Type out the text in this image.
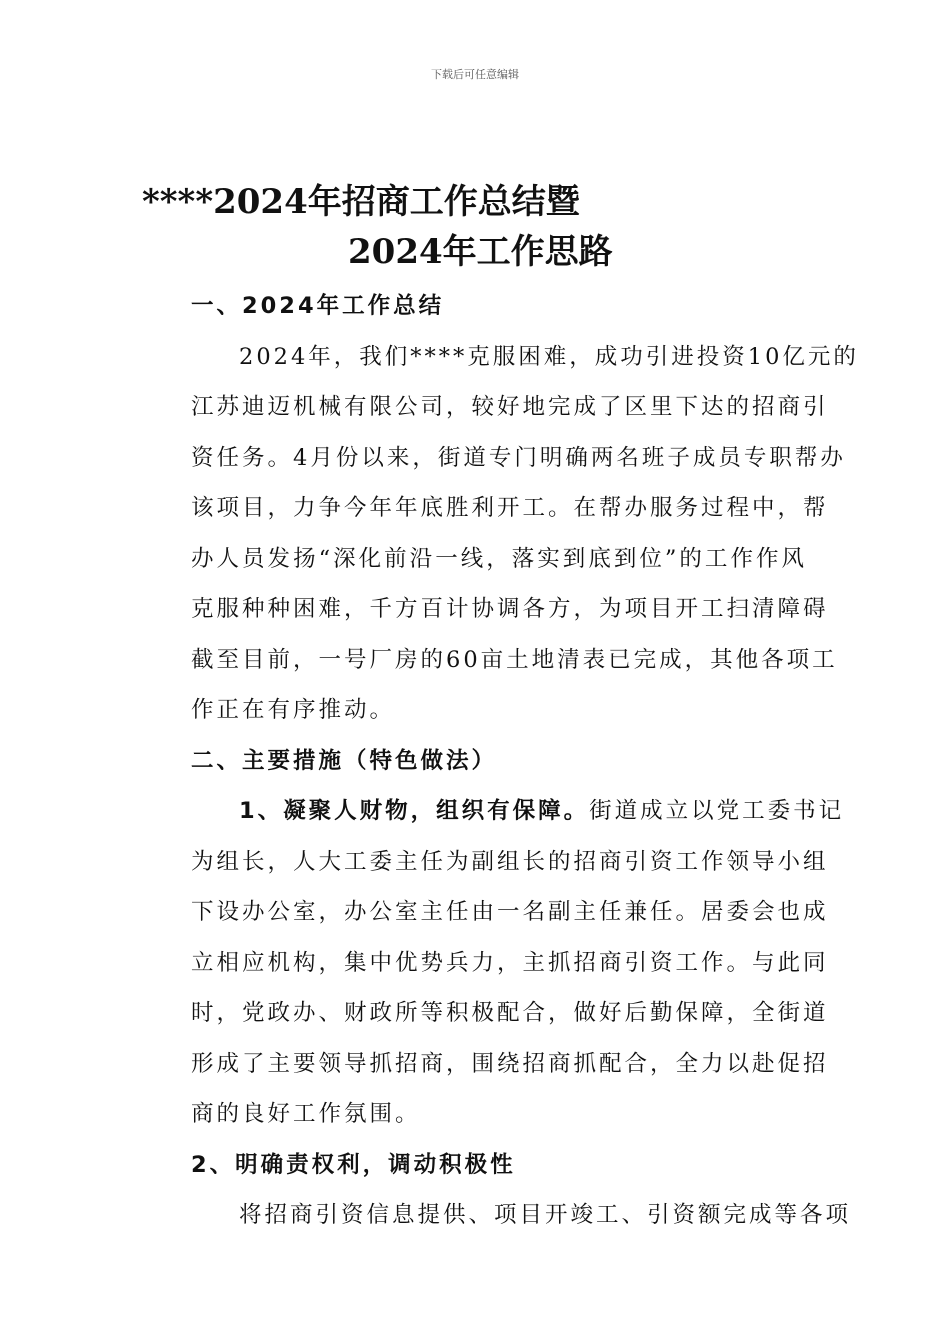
下载后可任意编辑
****2024年招商工作总结暨
2024年工作思路

一、2024年工作总结

2024年，我们****克服困难，成功引进投资10亿元的
江苏迪迈机械有限公司，较好地完成了区里下达的招商引
资任务。4月份以来，街道专门明确两名班子成员专职帮办
该项目，力争今年年底胜利开工。在帮办服务过程中，帮
办人员发扬“深化前沿一线，落实到底到位”的工作作风
克服种种困难，千方百计协调各方，为项目开工扫清障碍
截至目前，一号厂房的60亩土地清表已完成，其他各项工
作正在有序推动。

二、主要措施（特色做法）

1、凝聚人财物，组织有保障。街道成立以党工委书记
为组长，人大工委主任为副组长的招商引资工作领导小组
下设办公室，办公室主任由一名副主任兼任。居委会也成
立相应机构，集中优势兵力，主抓招商引资工作。与此同
时，党政办、财政所等积极配合，做好后勤保障，全街道
形成了主要领导抓招商，围绕招商抓配合，全力以赴促招
商的良好工作氛围。

2、明确责权利，调动积极性

将招商引资信息提供、项目开竣工、引资额完成等各项
